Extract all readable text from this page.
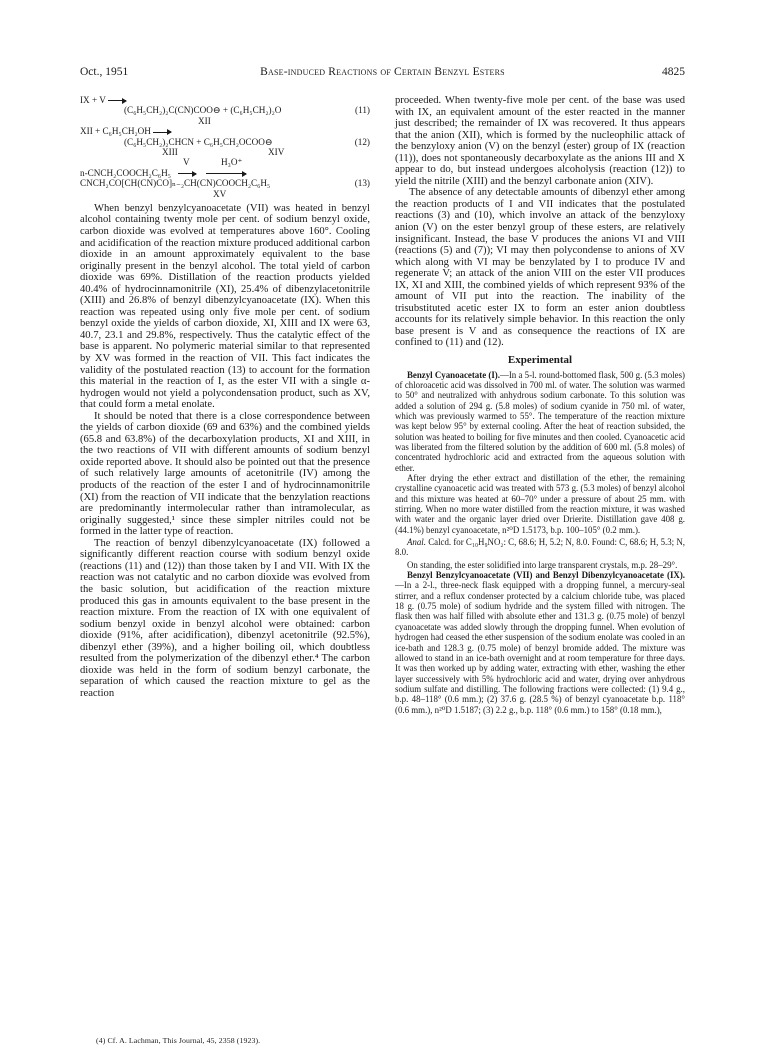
Oct., 1951	Base-induced Reactions of Certain Benzyl Esters	4825
IX + V
(C₆H₅CH₂)₂C(CN)COO⊖ + (C₆H₅CH₂)₂O	(11)
XII
XII + C₆H₅CH₂OH
(C₆H₅CH₂)₂CHCN + C₆H₅CH₂OCOO⊖	(12)
XIII	XIV
V	H₃O⁺
n-CNCH₂COOCH₂C₆H₅
CNCH₂CO[CH(CN)CO]ₙ₋₂CH(CN)COOCH₂C₆H₅	(13)
XV

When benzyl benzylcyanoacetate (VII) was heated in benzyl alcohol containing twenty mole per cent. of sodium benzyl oxide, carbon dioxide was evolved at temperatures above 160°. Cooling and acidification of the reaction mixture produced additional carbon dioxide in an amount approximately equivalent to the base originally present in the benzyl alcohol. The total yield of carbon dioxide was 69%. Distillation of the reaction products yielded 40.4% of hydrocinnamonitrile (XI), 25.4% of dibenzylacetonitrile (XIII) and 26.8% of benzyl dibenzylcyanoacetate (IX). When this reaction was repeated using only five mole per cent. of sodium benzyl oxide the yields of carbon dioxide, XI, XIII and IX were 63, 40.7, 23.1 and 29.8%, respectively. Thus the catalytic effect of the base is apparent. No polymeric material similar to that represented by XV was formed in the reaction of VII. This fact indicates the validity of the postulated reaction (13) to account for the formation this material in the reaction of I, as the ester VII with a single α-hydrogen would not yield a polycondensation product, such as XV, that could form a metal enolate.

It should be noted that there is a close correspondence between the yields of carbon dioxide (69 and 63%) and the combined yields (65.8 and 63.8%) of the decarboxylation products, XI and XIII, in the two reactions of VII with different amounts of sodium benzyl oxide reported above. It should also be pointed out that the presence of such relatively large amounts of acetonitrile (IV) among the products of the reaction of the ester I and of hydrocinnamonitrile (XI) from the reaction of VII indicate that the benzylation reactions are predominantly intermolecular rather than intramolecular, as originally suggested,¹ since these simpler nitriles could not be formed in the latter type of reaction.

The reaction of benzyl dibenzylcyanoacetate (IX) followed a significantly different reaction course with sodium benzyl oxide (reactions (11) and (12)) than those taken by I and VII. With IX the reaction was not catalytic and no carbon dioxide was evolved from the basic solution, but acidification of the reaction mixture produced this gas in amounts equivalent to the base present in the reaction mixture. From the reaction of IX with one equivalent of sodium benzyl oxide in benzyl alcohol were obtained: carbon dioxide (91%, after acidification), dibenzyl acetonitrile (92.5%), dibenzyl ether (39%), and a higher boiling oil, which doubtless resulted from the polymerization of the dibenzyl ether.⁴ The carbon dioxide was held in the form of sodium benzyl carbonate, the separation of which caused the reaction mixture to gel as the reaction

proceeded. When twenty-five mole per cent. of the base was used with IX, an equivalent amount of the ester reacted in the manner just described; the remainder of IX was recovered. It thus appears that the anion (XII), which is formed by the nucleophilic attack of the benzyloxy anion (V) on the benzyl (ester) group of IX (reaction (11)), does not spontaneously decarboxylate as the anions III and X appear to do, but instead undergoes alcoholysis (reaction (12)) to yield the nitrile (XIII) and the benzyl carbonate anion (XIV).

The absence of any detectable amounts of dibenzyl ether among the reaction products of I and VII indicates that the postulated reactions (3) and (10), which involve an attack of the benzyloxy anion (V) on the ester benzyl group of these esters, are relatively insignificant. Instead, the base V produces the anions VI and VIII (reactions (5) and (7)); VI may then polycondense to anions of XV which along with VI may be benzylated by I to produce IV and regenerate V; an attack of the anion VIII on the ester VII produces IX, XI and XIII, the combined yields of which represent 93% of the amount of VII put into the reaction. The inability of the trisubstituted acetic ester IX to form an ester anion doubtless accounts for its relatively simple behavior. In this reaction the only base present is V and as consequence the reactions of IX are confined to (11) and (12).

Experimental

Benzyl Cyanoacetate (I).—In a 5-l. round-bottomed flask, 500 g. (5.3 moles) of chloroacetic acid was dissolved in 700 ml. of water. The solution was warmed to 50° and neutralized with anhydrous sodium carbonate. To this solution was added a solution of 294 g. (5.8 moles) of sodium cyanide in 750 ml. of water, which was previously warmed to 55°. The temperature of the reaction mixture was kept below 95° by external cooling. After the heat of reaction subsided, the solution was heated to boiling for five minutes and then cooled. Cyanoacetic acid was liberated from the filtered solution by the addition of 600 ml. (5.8 moles) of concentrated hydrochloric acid and extracted from the aqueous solution with ether.

After drying the ether extract and distillation of the ether, the remaining crystalline cyanoacetic acid was treated with 573 g. (5.3 moles) of benzyl alcohol and this mixture was heated at 60–70° under a pressure of about 25 mm. with stirring. When no more water distilled from the reaction mixture, it was washed with water and the organic layer dried over Drierite. Distillation gave 408 g. (44.1%) benzyl cyanoacetate, n²⁰D 1.5173, b.p. 100–105° (0.2 mm.).

Anal. Calcd. for C₁₀H₉NO₂: C, 68.6; H, 5.2; N, 8.0. Found: C, 68.6; H, 5.3; N, 8.0.

On standing, the ester solidified into large transparent crystals, m.p. 28–29°.

Benzyl Benzylcyanoacetate (VII) and Benzyl Dibenzylcyanoacetate (IX).—In a 2-l., three-neck flask equipped with a dropping funnel, a mercury-seal stirrer, and a reflux condenser protected by a calcium chloride tube, was placed 18 g. (0.75 mole) of sodium hydride and the system filled with nitrogen. The flask then was half filled with absolute ether and 131.3 g. (0.75 mole) of benzyl cyanoacetate was added slowly through the dropping funnel. When evolution of hydrogen had ceased the ether suspension of the sodium enolate was cooled in an ice-bath and 128.3 g. (0.75 mole) of benzyl bromide added. The mixture was allowed to stand in an ice-bath overnight and at room temperature for three days. It was then worked up by adding water, extracting with ether, washing the ether layer successively with 5% hydrochloric acid and water, drying over anhydrous sodium sulfate and distilling. The following fractions were collected: (1) 9.4 g., b.p. 48–118° (0.6 mm.); (2) 37.6 g. (28.5 %) of benzyl cyanoacetate b.p. 118° (0.6 mm.), n²⁰D 1.5187; (3) 2.2 g., b.p. 118° (0.6 mm.) to 158° (0.18 mm.),

(4) Cf. A. Lachman, This Journal, 45, 2358 (1923).
